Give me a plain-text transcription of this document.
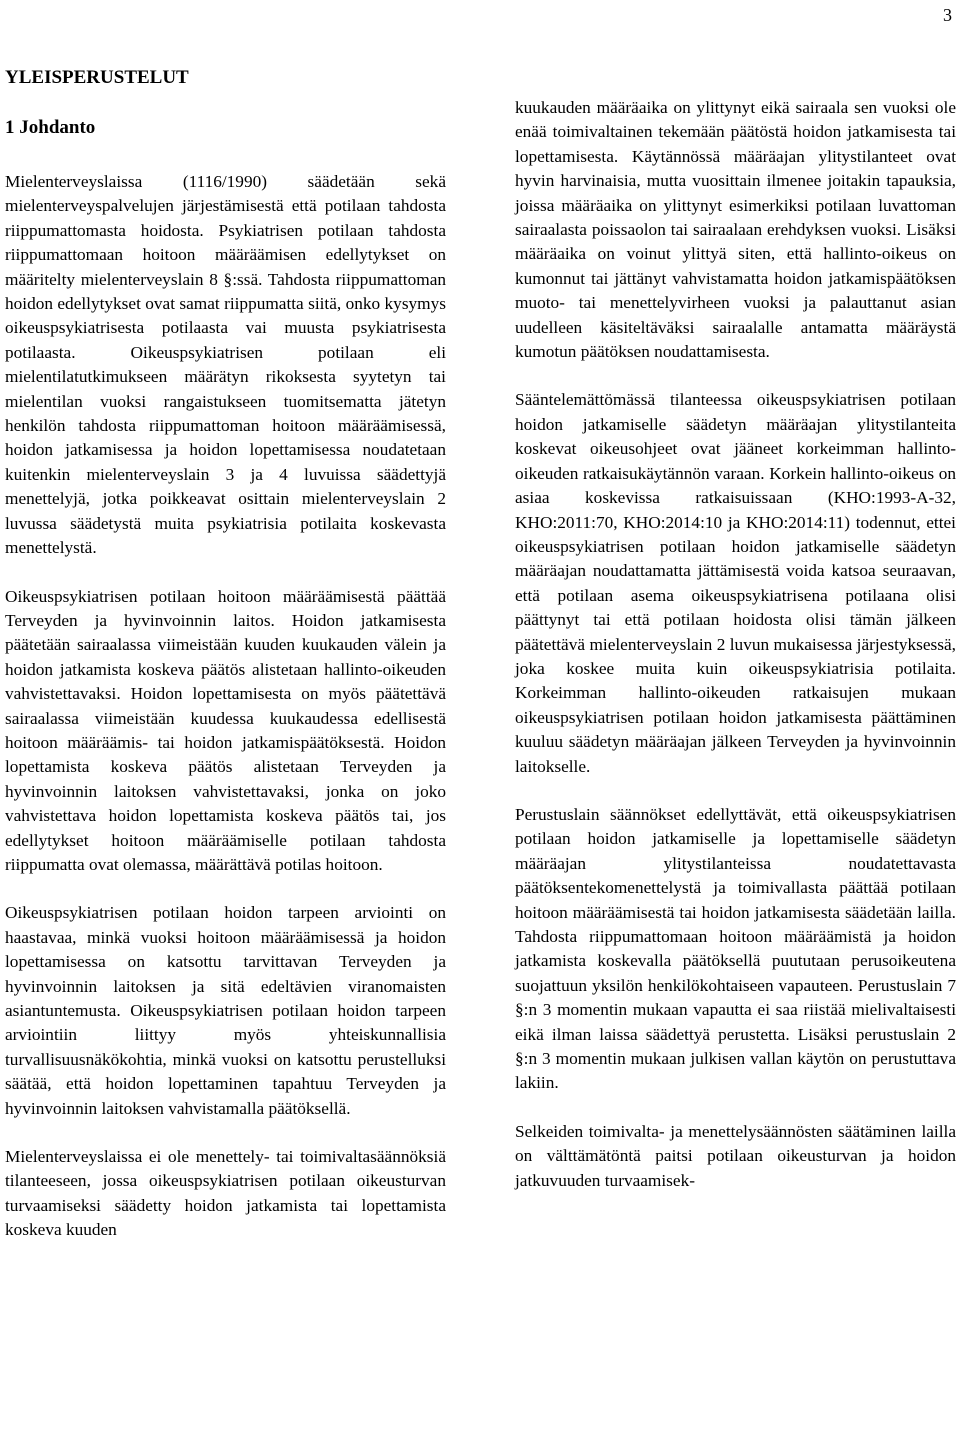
3
YLEISPERUSTELUT
1 Johdanto

Mielenterveyslaissa (1116/1990) säädetään sekä mielenterveyspalvelujen järjestämisestä että potilaan tahdosta riippumattomasta hoidosta. Psykiatrisen potilaan tahdosta riippumattomaan hoitoon määräämisen edellytykset on määritelty mielenterveyslain 8 §:ssä. Tahdosta riippumattoman hoidon edellytykset ovat samat riippumatta siitä, onko kysymys oikeuspsykiatrisesta potilaasta vai muusta psykiatrisesta potilaasta. Oikeuspsykiatrisen potilaan eli mielentilatutkimukseen määrätyn rikoksesta syytetyn tai mielentilan vuoksi rangaistukseen tuomitsematta jätetyn henkilön tahdosta riippumattoman hoitoon määräämisessä, hoidon jatkamisessa ja hoidon lopettamisessa noudatetaan kuitenkin mielenterveyslain 3 ja 4 luvuissa säädettyjä menettelyjä, jotka poikkeavat osittain mielenterveyslain 2 luvussa säädetystä muita psykiatrisia potilaita koskevasta menettelystä.

Oikeuspsykiatrisen potilaan hoitoon määräämisestä päättää Terveyden ja hyvinvoinnin laitos. Hoidon jatkamisesta päätetään sairaalassa viimeistään kuuden kuukauden välein ja hoidon jatkamista koskeva päätös alistetaan hallinto-oikeuden vahvistettavaksi. Hoidon lopettamisesta on myös päätettävä sairaalassa viimeistään kuudessa kuukaudessa edellisestä hoitoon määräämis- tai hoidon jatkamispäätöksestä. Hoidon lopettamista koskeva päätös alistetaan Terveyden ja hyvinvoinnin laitoksen vahvistettavaksi, jonka on joko vahvistettava hoidon lopettamista koskeva päätös tai, jos edellytykset hoitoon määräämiselle potilaan tahdosta riippumatta ovat olemassa, määrättävä potilas hoitoon.

Oikeuspsykiatrisen potilaan hoidon tarpeen arviointi on haastavaa, minkä vuoksi hoitoon määräämisessä ja hoidon lopettamisessa on katsottu tarvittavan Terveyden ja hyvinvoinnin laitoksen ja sitä edeltävien viranomaisten asiantuntemusta. Oikeuspsykiatrisen potilaan hoidon tarpeen arviointiin liittyy myös yhteiskunnallisia turvallisuusnäkökohtia, minkä vuoksi on katsottu perustelluksi säätää, että hoidon lopettaminen tapahtuu Terveyden ja hyvinvoinnin laitoksen vahvistamalla päätöksellä.

Mielenterveyslaissa ei ole menettely- tai toimivaltasäännöksiä tilanteeseen, jossa oikeuspsykiatrisen potilaan oikeusturvan turvaamiseksi säädetty hoidon jatkamista tai lopettamista koskeva kuuden

kuukauden määräaika on ylittynyt eikä sairaala sen vuoksi ole enää toimivaltainen tekemään päätöstä hoidon jatkamisesta tai lopettamisesta. Käytännössä määräajan ylitystilanteet ovat hyvin harvinaisia, mutta vuosittain ilmenee joitakin tapauksia, joissa määräaika on ylittynyt esimerkiksi potilaan luvattoman sairaalasta poissaolon tai sairaalaan erehdyksen vuoksi. Lisäksi määräaika on voinut ylittyä siten, että hallinto-oikeus on kumonnut tai jättänyt vahvistamatta hoidon jatkamispäätöksen muoto- tai menettelyvirheen vuoksi ja palauttanut asian uudelleen käsiteltäväksi sairaalalle antamatta määräystä kumotun päätöksen noudattamisesta.

Sääntelemättömässä tilanteessa oikeuspsykiatrisen potilaan hoidon jatkamiselle säädetyn määräajan ylitystilanteita koskevat oikeusohjeet ovat jääneet korkeimman hallinto-oikeuden ratkaisukäytännön varaan. Korkein hallinto-oikeus on asiaa koskevissa ratkaisuissaan (KHO:1993-A-32, KHO:2011:70, KHO:2014:10 ja KHO:2014:11) todennut, ettei oikeuspsykiatrisen potilaan hoidon jatkamiselle säädetyn määräajan noudattamatta jättämisestä voida katsoa seuraavan, että potilaan asema oikeuspsykiatrisena potilaana olisi päättynyt tai että potilaan hoidosta olisi tämän jälkeen päätettävä mielenterveyslain 2 luvun mukaisessa järjestyksessä, joka koskee muita kuin oikeuspsykiatrisia potilaita. Korkeimman hallinto-oikeuden ratkaisujen mukaan oikeuspsykiatrisen potilaan hoidon jatkamisesta päättäminen kuuluu säädetyn määräajan jälkeen Terveyden ja hyvinvoinnin laitokselle.

Perustuslain säännökset edellyttävät, että oikeuspsykiatrisen potilaan hoidon jatkamiselle ja lopettamiselle säädetyn määräajan ylitystilanteissa noudatettavasta päätöksentekomenettelystä ja toimivallasta päättää potilaan hoitoon määräämisestä tai hoidon jatkamisesta säädetään lailla. Tahdosta riippumattomaan hoitoon määräämistä ja hoidon jatkamista koskevalla päätöksellä puututaan perusoikeutena suojattuun yksilön henkilökohtaiseen vapauteen. Perustuslain 7 §:n 3 momentin mukaan vapautta ei saa riistää mielivaltaisesti eikä ilman laissa säädettyä perustetta. Lisäksi perustuslain 2 §:n 3 momentin mukaan julkisen vallan käytön on perustuttava lakiin.

Selkeiden toimivalta- ja menettelysäännösten säätäminen lailla on välttämätöntä paitsi potilaan oikeusturvan ja hoidon jatkuvuuden turvaamisek-
